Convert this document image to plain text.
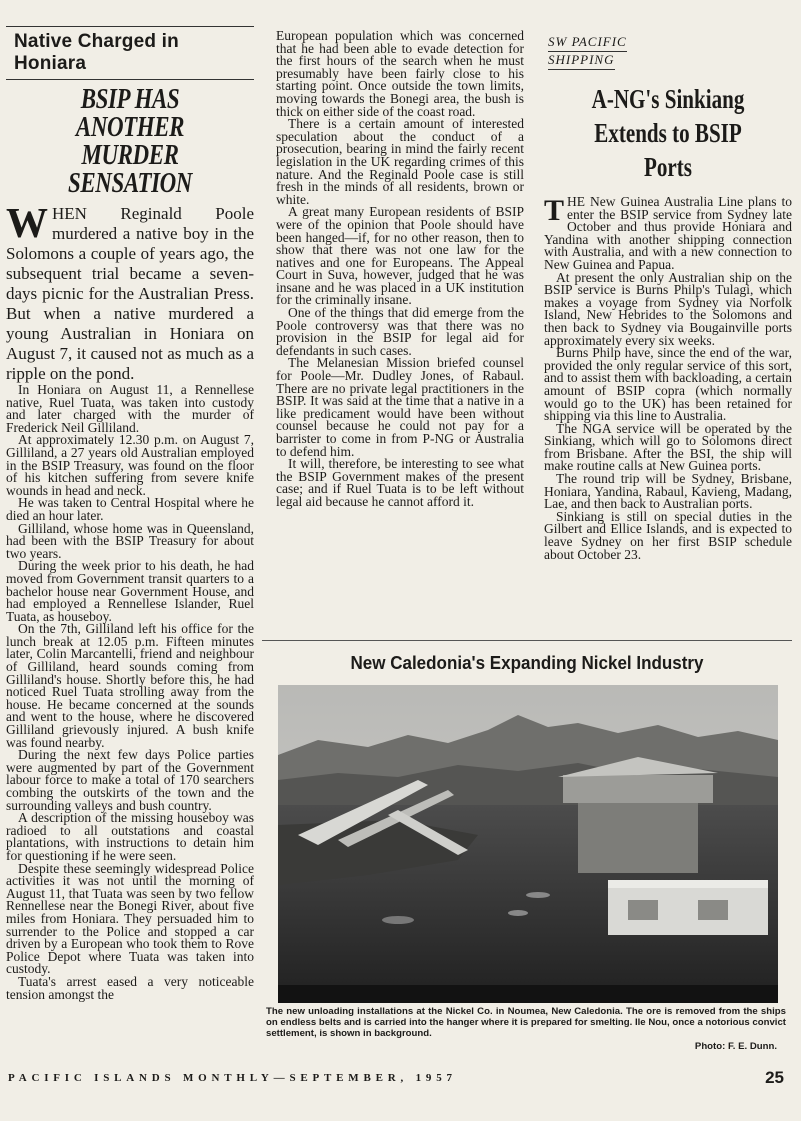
Native Charged in Honiara
BSIP HAS ANOTHER MURDER SENSATION

WHEN Reginald Poole murdered a native boy in the Solomons a couple of years ago, the subsequent trial became a seven-days picnic for the Australian Press. But when a native murdered a young Australian in Honiara on August 7, it caused not as much as a ripple on the pond.

In Honiara on August 11, a Rennellese native, Ruel Tuata, was taken into custody and later charged with the murder of Frederick Neil Gilliland.

At approximately 12.30 p.m. on August 7, Gilliland, a 27 years old Australian employed in the BSIP Treasury, was found on the floor of his kitchen suffering from severe knife wounds in head and neck.

He was taken to Central Hospital where he died an hour later.

Gilliland, whose home was in Queensland, had been with the BSIP Treasury for about two years.

During the week prior to his death, he had moved from Government transit quarters to a bachelor house near Government House, and had employed a Rennellese Islander, Ruel Tuata, as houseboy.

On the 7th, Gilliland left his office for the lunch break at 12.05 p.m. Fifteen minutes later, Colin Marcantelli, friend and neighbour of Gilliland, heard sounds coming from Gilliland's house. Shortly before this, he had noticed Ruel Tuata strolling away from the house. He became concerned at the sounds and went to the house, where he discovered Gilliland grievously injured. A bush knife was found nearby.

During the next few days Police parties were augmented by part of the Government labour force to make a total of 170 searchers combing the outskirts of the town and the surrounding valleys and bush country.

A description of the missing houseboy was radioed to all outstations and coastal plantations, with instructions to detain him for questioning if he were seen.

Despite these seemingly widespread Police activities it was not until the morning of August 11, that Tuata was seen by two fellow Rennellese near the Bonegi River, about five miles from Honiara. They persuaded him to surrender to the Police and stopped a car driven by a European who took them to Rove Police Depot where Tuata was taken into custody.

Tuata's arrest eased a very noticeable tension amongst the

European population which was concerned that he had been able to evade detection for the first hours of the search when he must presumably have been fairly close to his starting point. Once outside the town limits, moving towards the Bonegi area, the bush is thick on either side of the coast road.

There is a certain amount of interested speculation about the conduct of a prosecution, bearing in mind the fairly recent legislation in the UK regarding crimes of this nature. And the Reginald Poole case is still fresh in the minds of all residents, brown or white.

A great many European residents of BSIP were of the opinion that Poole should have been hanged—if, for no other reason, then to show that there was not one law for the natives and one for Europeans. The Appeal Court in Suva, however, judged that he was insane and he was placed in a UK institution for the criminally insane.

One of the things that did emerge from the Poole controversy was that there was no provision in the BSIP for legal aid for defendants in such cases.

The Melanesian Mission briefed counsel for Poole—Mr. Dudley Jones, of Rabaul. There are no private legal practitioners in the BSIP. It was said at the time that a native in a like predicament would have been without counsel because he could not pay for a barrister to come in from P-NG or Australia to defend him.

It will, therefore, be interesting to see what the BSIP Government makes of the present case; and if Ruel Tuata is to be left without legal aid because he cannot afford it.

SW PACIFIC
SHIPPING
A-NG's Sinkiang Extends to BSIP Ports

THE New Guinea Australia Line plans to enter the BSIP service from Sydney late October and thus provide Honiara and Yandina with another shipping connection with Australia, and with a new connection to New Guinea and Papua.

At present the only Australian ship on the BSIP service is Burns Philp's Tulagi, which makes a voyage from Sydney via Norfolk Island, New Hebrides to the Solomons and then back to Sydney via Bougainville ports approximately every six weeks.

Burns Philp have, since the end of the war, provided the only regular service of this sort, and to assist them with backloading, a certain amount of BSIP copra (which normally would go to the UK) has been retained for shipping via this line to Australia.

The NGA service will be operated by the Sinkiang, which will go to Solomons direct from Brisbane. After the BSI, the ship will make routine calls at New Guinea ports.

The round trip will be Sydney, Brisbane, Honiara, Yandina, Rabaul, Kavieng, Madang, Lae, and then back to Australian ports.

Sinkiang is still on special duties in the Gilbert and Ellice Islands, and is expected to leave Sydney on her first BSIP schedule about October 23.

New Caledonia's Expanding Nickel Industry
The new unloading installations at the Nickel Co. in Noumea, New Caledonia. The ore is removed from the ships on endless belts and is carried into the hanger where it is prepared for smelting. Ile Nou, once a notorious convict settlement, is shown in background.
Photo: F. E. Dunn.
PACIFIC ISLANDS MONTHLY—SEPTEMBER, 1957	25
